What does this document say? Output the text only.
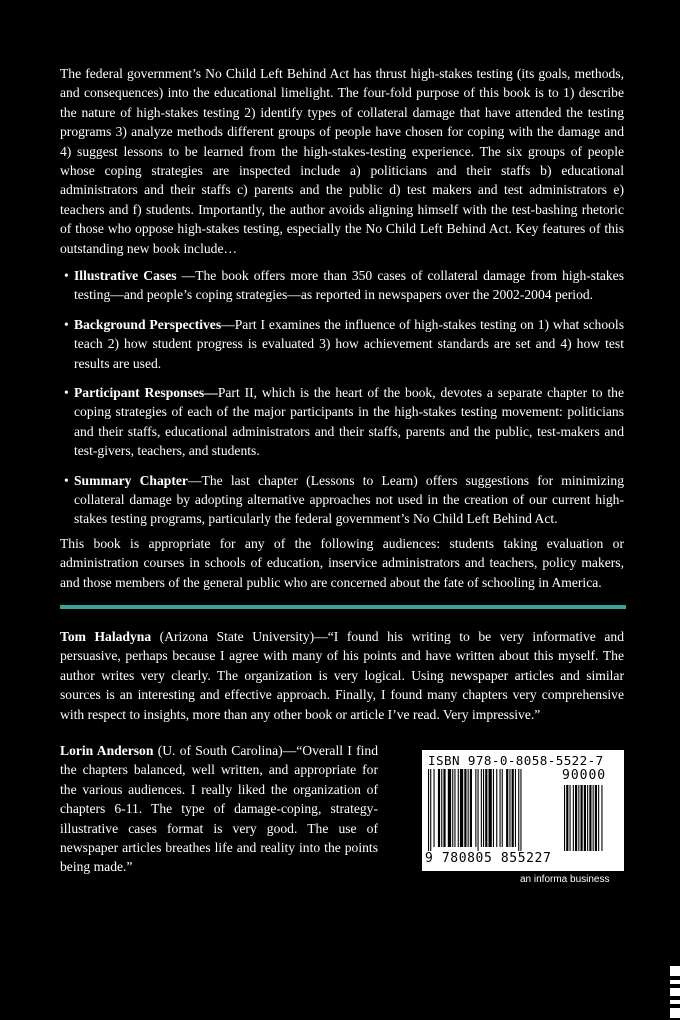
The federal government’s No Child Left Behind Act has thrust high-stakes testing (its goals, methods, and consequences) into the educational limelight. The four-fold purpose of this book is to 1) describe the nature of high-stakes testing 2) identify types of collateral damage that have attended the testing programs 3) analyze methods different groups of people have chosen for coping with the damage and 4) suggest lessons to be learned from the high-stakes-testing experience. The six groups of people whose coping strategies are inspected include a) politicians and their staffs b) educational administrators and their staffs c) parents and the public d) test makers and test administrators e) teachers and f) students. Importantly, the author avoids aligning himself with the test-bashing rhetoric of those who oppose high-stakes testing, especially the No Child Left Behind Act. Key features of this outstanding new book include…

• Illustrative Cases —The book offers more than 350 cases of collateral damage from high-stakes testing—and people’s coping strategies—as reported in newspapers over the 2002-2004 period.
• Background Perspectives—Part I examines the influence of high-stakes testing on 1) what schools teach 2) how student progress is evaluated 3) how achievement standards are set and 4) how test results are used.
• Participant Responses—Part II, which is the heart of the book, devotes a separate chapter to the coping strategies of each of the major participants in the high-stakes testing movement: politicians and their staffs, educational administrators and their staffs, parents and the public, test-makers and test-givers, teachers, and students.
• Summary Chapter—The last chapter (Lessons to Learn) offers suggestions for minimizing collateral damage by adopting alternative approaches not used in the creation of our current high-stakes testing programs, particularly the federal government’s No Child Left Behind Act.

This book is appropriate for any of the following audiences: students taking evaluation or administration courses in schools of education, inservice administrators and teachers, policy makers, and those members of the general public who are concerned about the fate of schooling in America.

Tom Haladyna (Arizona State University)—“I found his writing to be very informative and persuasive, perhaps because I agree with many of his points and have written about this myself. The author writes very clearly. The organization is very logical. Using newspaper articles and similar sources is an interesting and effective approach. Finally, I found many chapters very comprehensive with respect to insights, more than any other book or article I’ve read. Very impressive.”

Lorin Anderson (U. of South Carolina)—“Overall I find the chapters balanced, well written, and appropriate for the various audiences. I really liked the organization of chapters 6-11. The type of damage-coping, strategy-illustrative cases format is very good. The use of newspaper articles breathes life and reality into the points being made.”

ISBN 978-0-8058-5522-7
90000
9 780805 855227
an informa business
